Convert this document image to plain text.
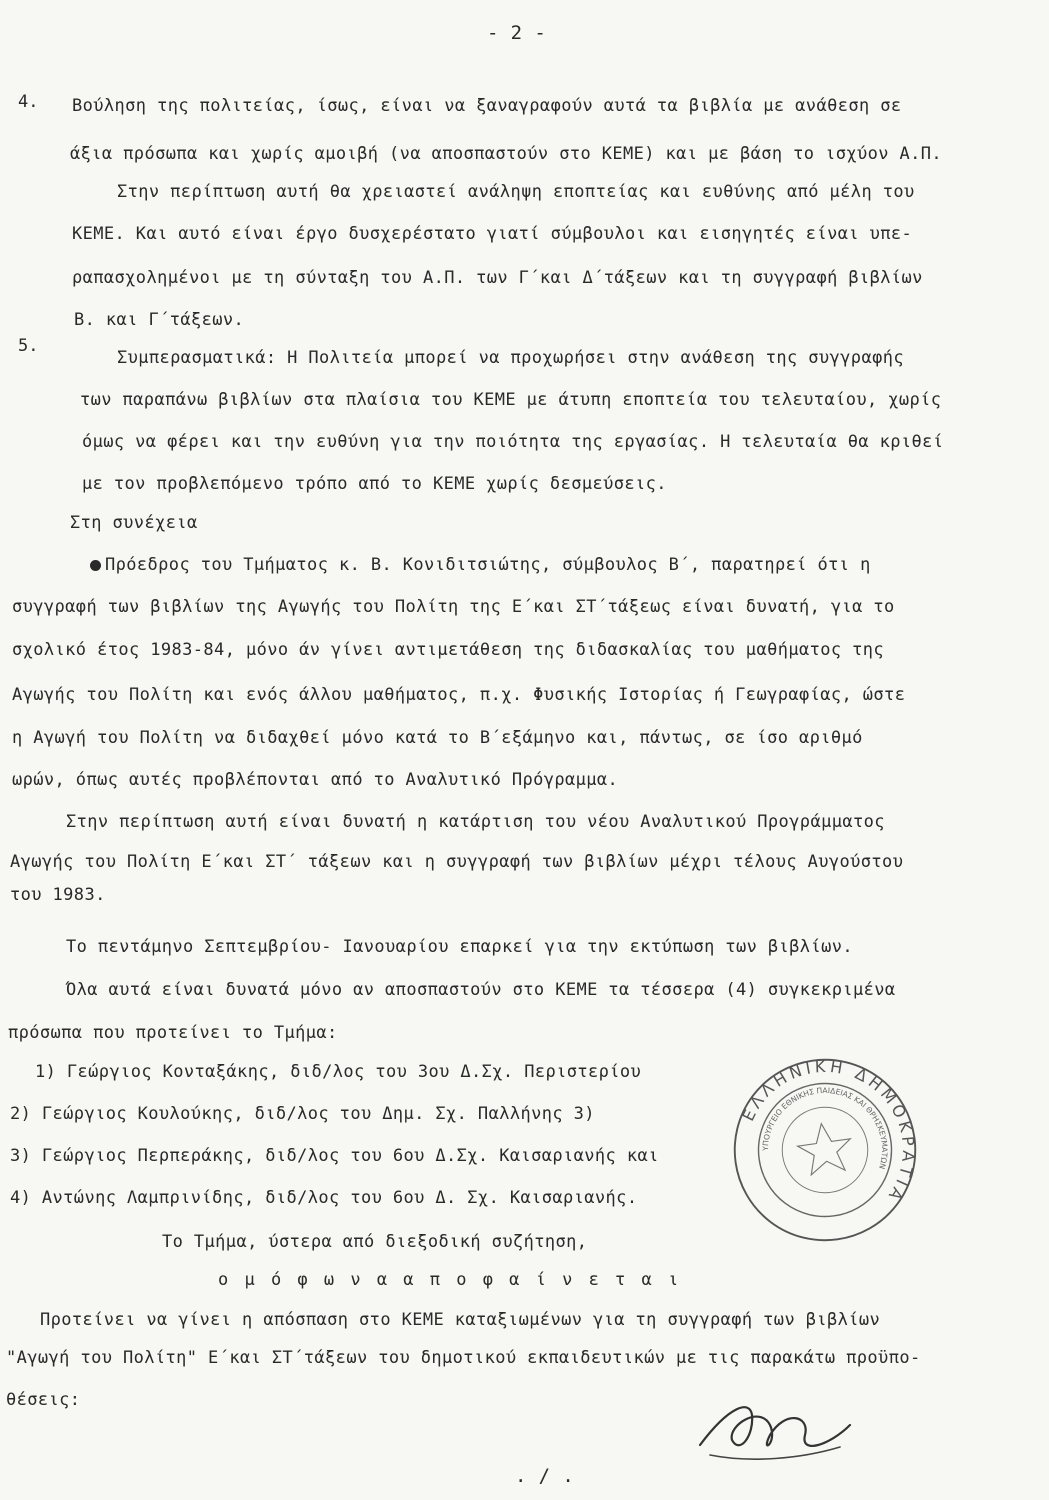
- 2 -
4. Βούληση της πολιτείας, ίσως, είναι να ξαναγραφούν αυτά τα βιβλία με ανάθεση σε
άξια πρόσωπα και χωρίς αμοιβή (να αποσπαστούν στο ΚΕΜΕ) και με βάση το ισχύον Α.Π.
Στην περίπτωση αυτή θα χρειαστεί ανάληψη εποπτείας και ευθύνης από μέλη του
ΚΕΜΕ. Και αυτό είναι έργο δυσχερέστατο γιατί σύμβουλοι και εισηγητές είναι υπε-
ραπασχολημένοι με τη σύνταξη του Α.Π. των Γ΄και Δ΄τάξεων και τη συγγραφή βιβλίων
Β. και Γ΄τάξεων.
5.
Συμπερασματικά: Η Πολιτεία μπορεί να προχωρήσει στην ανάθεση της συγγραφής
των παραπάνω βιβλίων στα πλαίσια του ΚΕΜΕ με άτυπη εποπτεία του τελευταίου, χωρίς
όμως να φέρει και την ευθύνη για την ποιότητα της εργασίας. Η τελευταία θα κριθεί
με τον προβλεπόμενο τρόπο από το ΚΕΜΕ χωρίς δεσμεύσεις.
Στη συνέχεια
Πρόεδρος του Τμήματος κ. Β. Κονιδιτσιώτης, σύμβουλος Β΄, παρατηρεί ότι η
συγγραφή των βιβλίων της Αγωγής του Πολίτη της Ε΄και ΣΤ΄τάξεως είναι δυνατή, για το
σχολικό έτος 1983-84, μόνο άν γίνει αντιμετάθεση της διδασκαλίας του μαθήματος της
Αγωγής του Πολίτη και ενός άλλου μαθήματος, π.χ. Φυσικής Ιστορίας ή Γεωγραφίας, ώστε
η Αγωγή του Πολίτη να διδαχθεί μόνο κατά το Β΄εξάμηνο και, πάντως, σε ίσο αριθμό
ωρών, όπως αυτές προβλέπονται από το Αναλυτικό Πρόγραμμα.
Στην περίπτωση αυτή είναι δυνατή η κατάρτιση του νέου Αναλυτικού Προγράμματος
Αγωγής του Πολίτη Ε΄και ΣΤ΄ τάξεων και η συγγραφή των βιβλίων μέχρι τέλους Αυγούστου
του 1983.
Το πεντάμηνο Σεπτεμβρίου- Ιανουαρίου επαρκεί για την εκτύπωση των βιβλίων.
Όλα αυτά είναι δυνατά μόνο αν αποσπαστούν στο ΚΕΜΕ τα τέσσερα (4) συγκεκριμένα
πρόσωπα που προτείνει το Τμήμα:
1) Γεώργιος Κονταξάκης, διδ/λος του 3ου Δ.Σχ. Περιστερίου
2) Γεώργιος Κουλούκης, διδ/λος του Δημ. Σχ. Παλλήνης 3)
3) Γεώργιος Περπεράκης, διδ/λος του 6ου Δ.Σχ. Καισαριανής και
4) Αντώνης Λαμπρινίδης, διδ/λος του 6ου Δ. Σχ. Καισαριανής.
Το Τμήμα, ύστερα από διεξοδική συζήτηση,
ο μ ό φ ω ν α α π ο φ α ί ν ε τ α ι
Προτείνει να γίνει η απόσπαση στο ΚΕΜΕ καταξιωμένων για τη συγγραφή των βιβλίων
"Αγωγή του Πολίτη" Ε΄και ΣΤ΄τάξεων του δημοτικού εκπαιδευτικών με τις παρακάτω προϋπο-
θέσεις:
ΕΛΛΗΝΙΚΗ ΔΗΜΟΚΡΑΤΙΑ
ΥΠΟΥΡΓΕΙΟ ΕΘΝΙΚΗΣ ΠΑΙΔΕΙΑΣ ΚΑΙ ΘΡΗΣΚΕΥΜΑΤΩΝ
. / .
